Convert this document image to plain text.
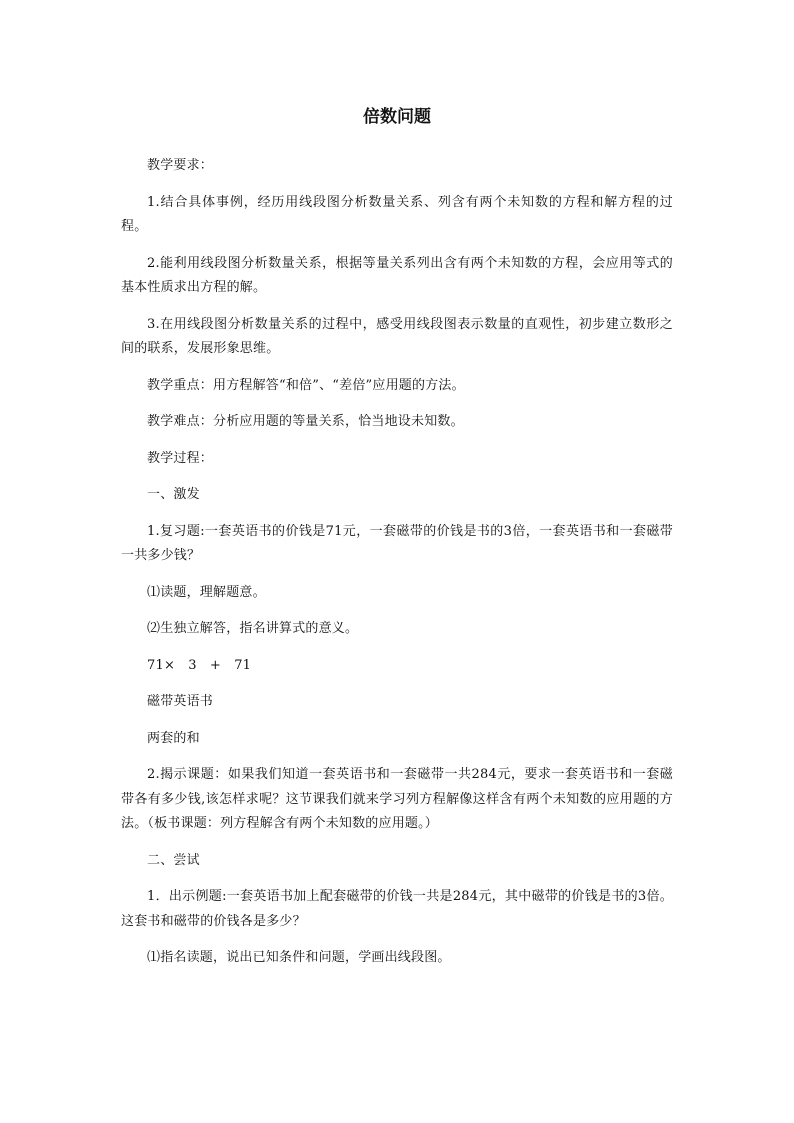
倍数问题

教学要求：

1.结合具体事例，经历用线段图分析数量关系、列含有两个未知数的方程和解方程的过程。

2.能利用线段图分析数量关系，根据等量关系列出含有两个未知数的方程，会应用等式的基本性质求出方程的解。

3.在用线段图分析数量关系的过程中，感受用线段图表示数量的直观性，初步建立数形之间的联系，发展形象思维。

教学重点：用方程解答“和倍”、“差倍”应用题的方法。

教学难点：分析应用题的等量关系，恰当地设未知数。

教学过程：

一、激发

1.复习题:一套英语书的价钱是71元，一套磁带的价钱是书的3倍，一套英语书和一套磁带一共多少钱？

⑴读题，理解题意。

⑵生独立解答，指名讲算式的意义。

71×　3　+　71

磁带英语书

两套的和

2.揭示课题：如果我们知道一套英语书和一套磁带一共284元，要求一套英语书和一套磁带各有多少钱,该怎样求呢？这节课我们就来学习列方程解像这样含有两个未知数的应用题的方法。（板书课题：列方程解含有两个未知数的应用题。）

二、尝试

1．出示例题:一套英语书加上配套磁带的价钱一共是284元，其中磁带的价钱是书的3倍。这套书和磁带的价钱各是多少？

⑴指名读题，说出已知条件和问题，学画出线段图。
